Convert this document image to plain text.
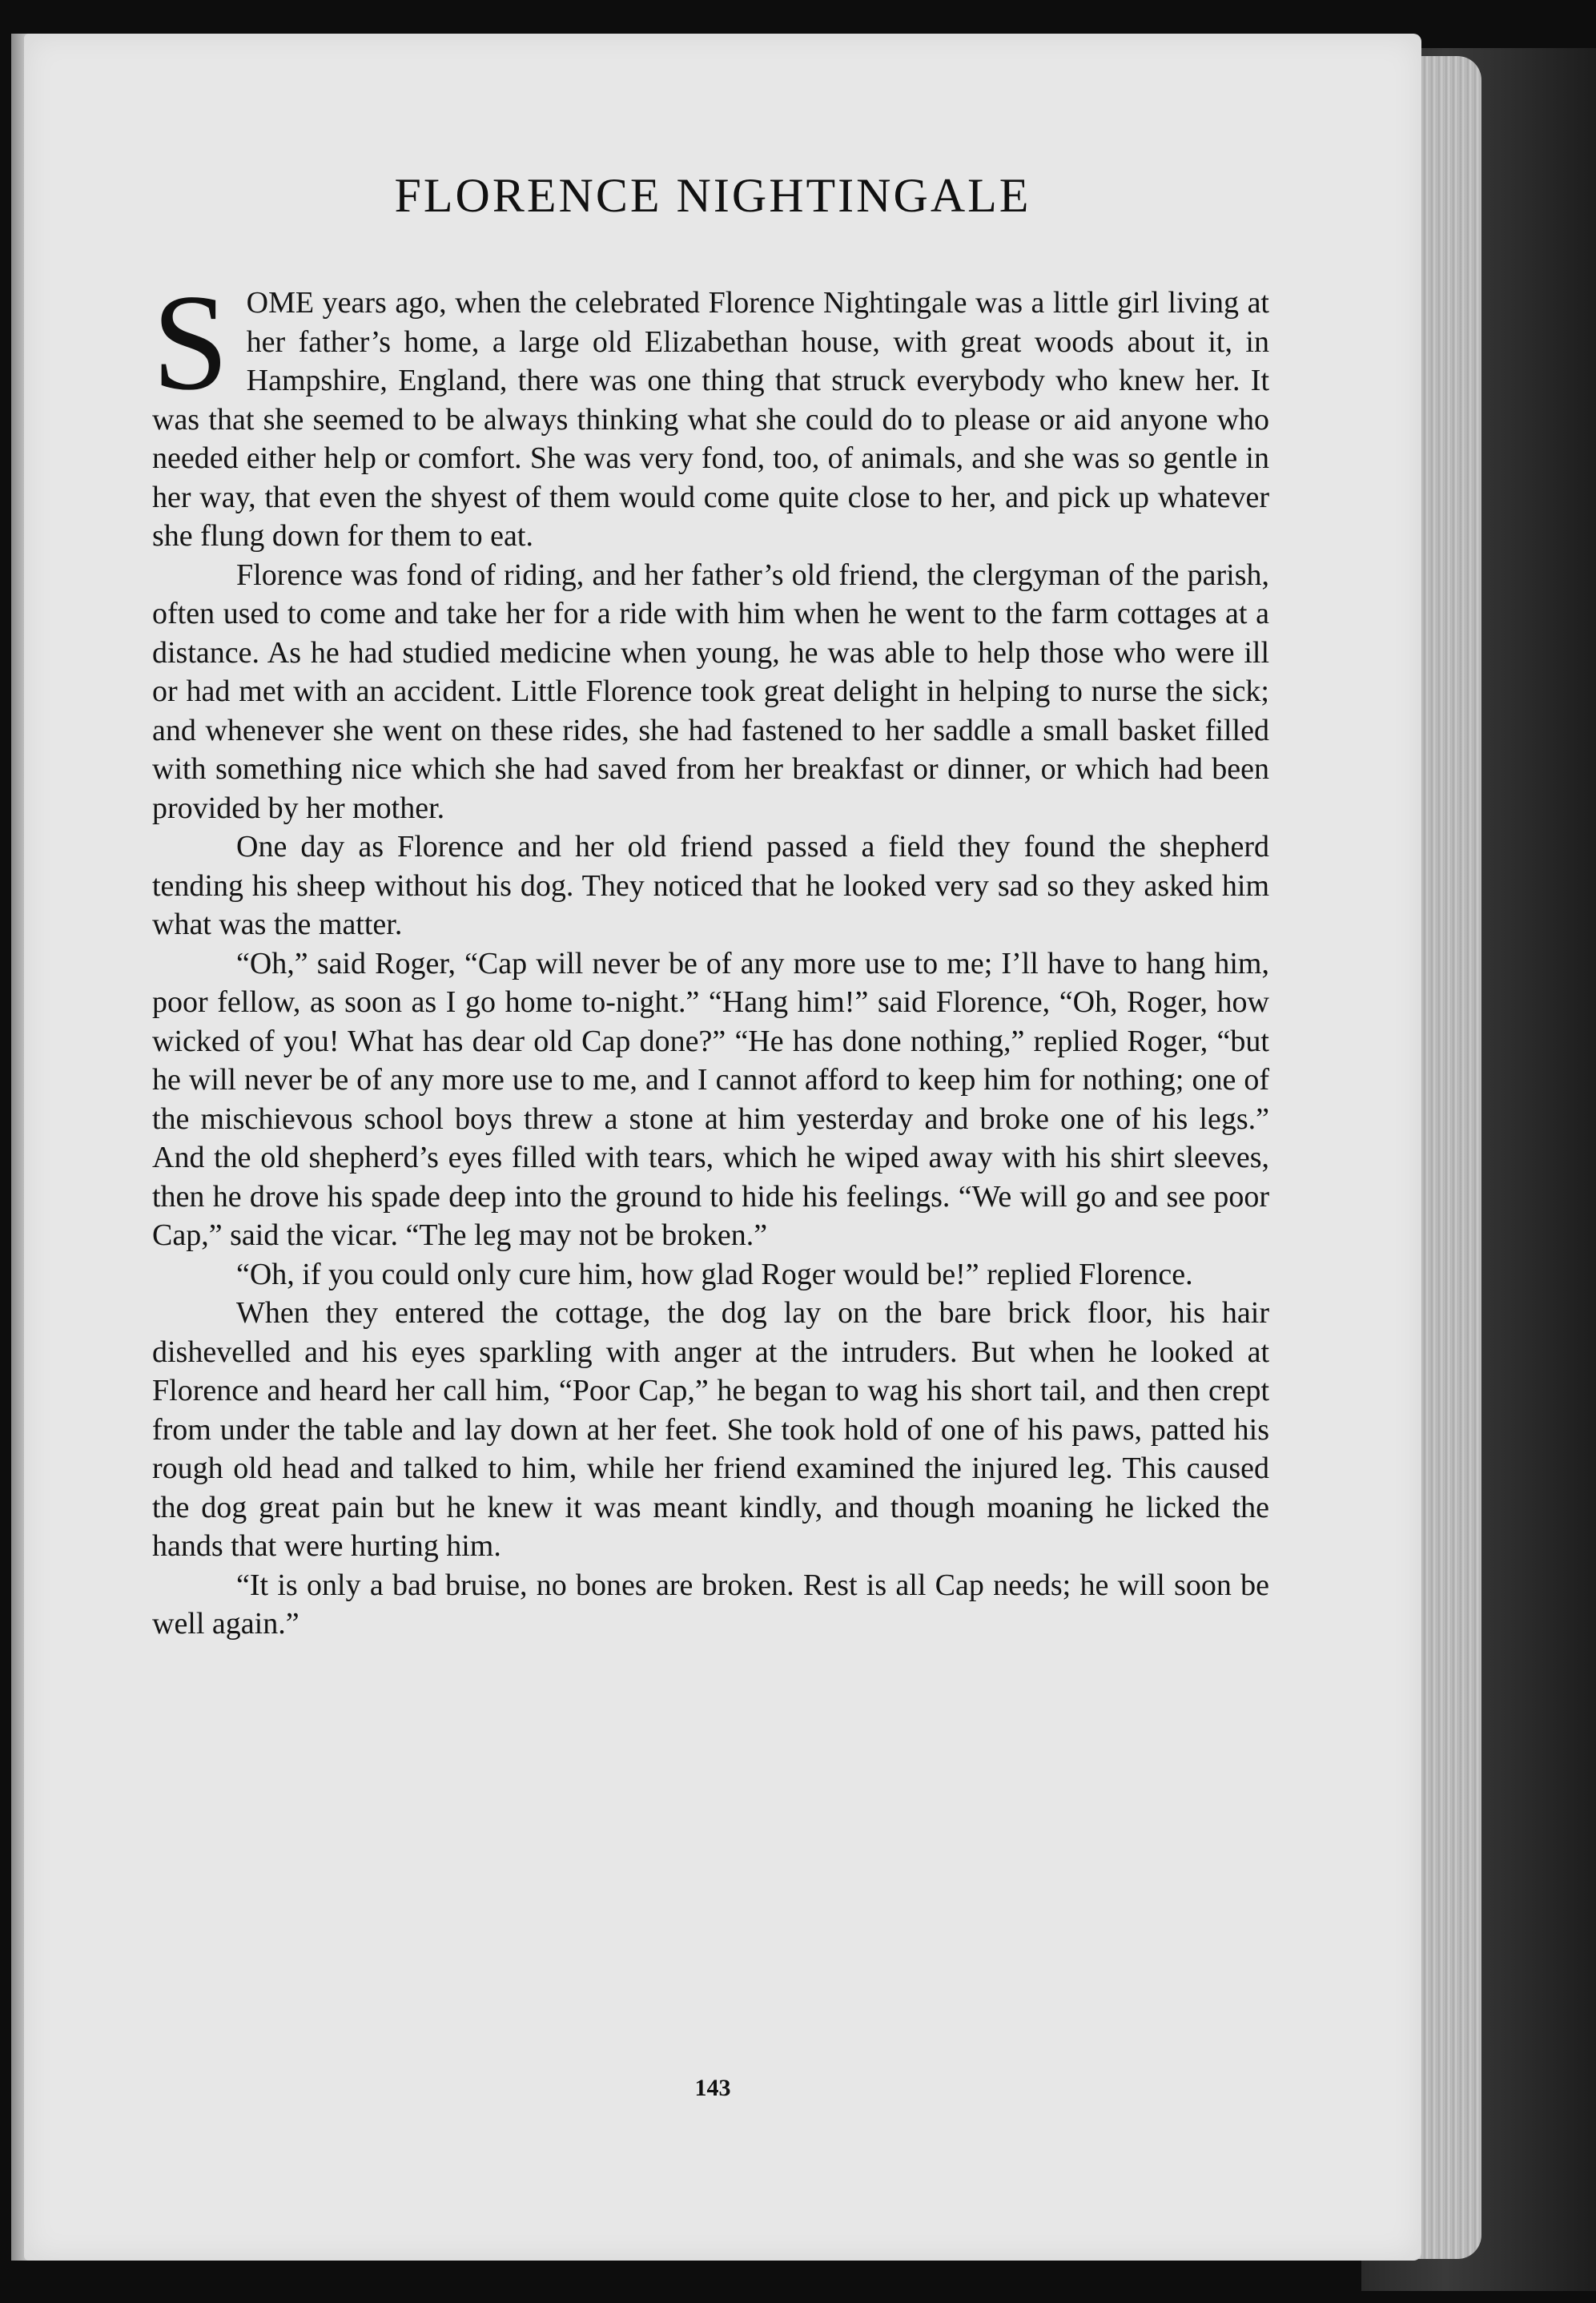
FLORENCE NIGHTINGALE

SOME years ago, when the celebrated Florence Nightingale was a little girl living at her father’s home, a large old Elizabethan house, with great woods about it, in Hampshire, England, there was one thing that struck everybody who knew her. It was that she seemed to be always thinking what she could do to please or aid anyone who needed either help or comfort. She was very fond, too, of animals, and she was so gentle in her way, that even the shyest of them would come quite close to her, and pick up whatever she flung down for them to eat.

Florence was fond of riding, and her father’s old friend, the clergyman of the parish, often used to come and take her for a ride with him when he went to the farm cottages at a distance. As he had studied medicine when young, he was able to help those who were ill or had met with an accident. Little Florence took great delight in helping to nurse the sick; and whenever she went on these rides, she had fastened to her saddle a small basket filled with something nice which she had saved from her breakfast or dinner, or which had been provided by her mother.

One day as Florence and her old friend passed a field they found the shepherd tending his sheep without his dog. They noticed that he looked very sad so they asked him what was the matter.

“Oh,” said Roger, “Cap will never be of any more use to me; I’ll have to hang him, poor fellow, as soon as I go home to-night.” “Hang him!” said Florence, “Oh, Roger, how wicked of you! What has dear old Cap done?” “He has done nothing,” replied Roger, “but he will never be of any more use to me, and I cannot afford to keep him for nothing; one of the mischievous school boys threw a stone at him yesterday and broke one of his legs.” And the old shepherd’s eyes filled with tears, which he wiped away with his shirt sleeves, then he drove his spade deep into the ground to hide his feelings. “We will go and see poor Cap,” said the vicar. “The leg may not be broken.”

“Oh, if you could only cure him, how glad Roger would be!” replied Florence.

When they entered the cottage, the dog lay on the bare brick floor, his hair dishevelled and his eyes sparkling with anger at the intruders. But when he looked at Florence and heard her call him, “Poor Cap,” he began to wag his short tail, and then crept from under the table and lay down at her feet. She took hold of one of his paws, patted his rough old head and talked to him, while her friend examined the injured leg. This caused the dog great pain but he knew it was meant kindly, and though moaning he licked the hands that were hurting him.

“It is only a bad bruise, no bones are broken. Rest is all Cap needs; he will soon be well again.”

143
